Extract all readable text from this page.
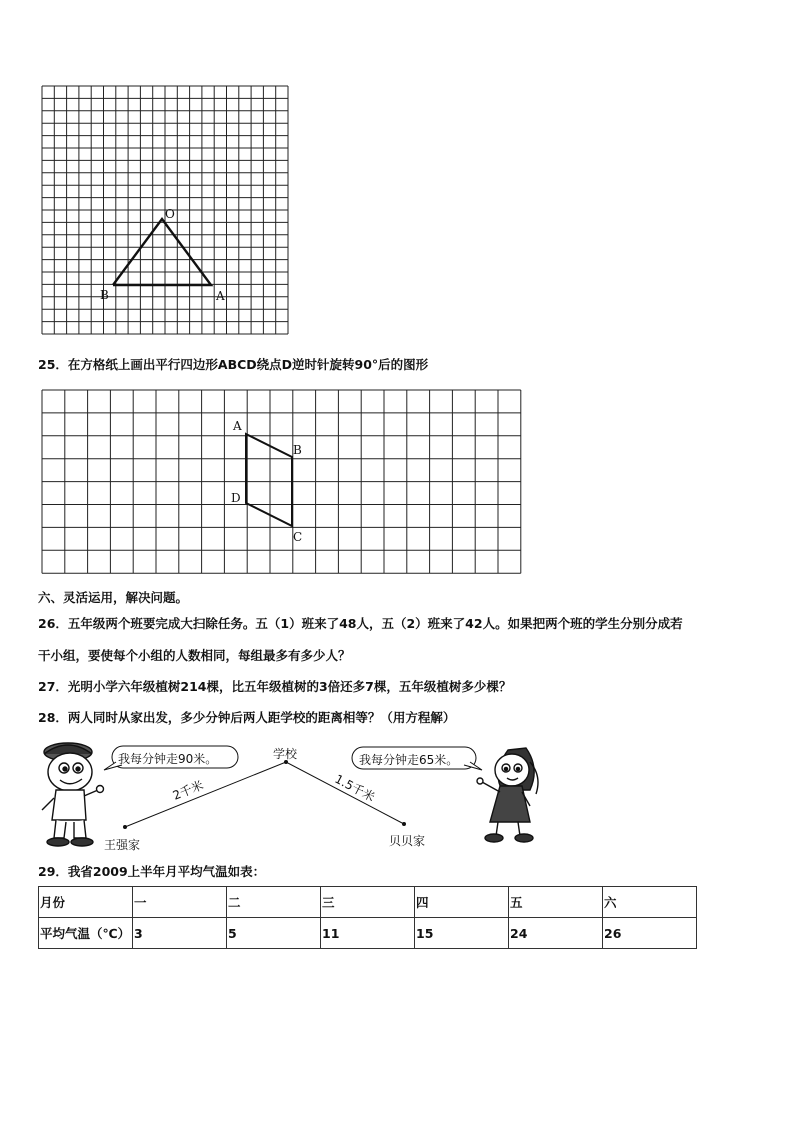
O
B	A
25．在方格纸上画出平行四边形ABCD绕点D逆时针旋转90°后的图形
A
B
C
D
六、灵活运用，解决问题。
26．五年级两个班要完成大扫除任务。五（1）班来了48人，五（2）班来了42人。如果把两个班的学生分别分成若
干小组，要使每个小组的人数相同，每组最多有多少人？
27．光明小学六年级植树214棵，比五年级植树的3倍还多7棵，五年级植树多少棵？
28．两人同时从家出发，多少分钟后两人距学校的距离相等？（用方程解）
我每分钟走90米。	我每分钟走65米。
学校
2千米	1.5千米
王强家	贝贝家
29．我省2009上半年月平均气温如表：
月份	一	二	三	四	五	六
平均气温（℃）	3	5	11	15	24	26
